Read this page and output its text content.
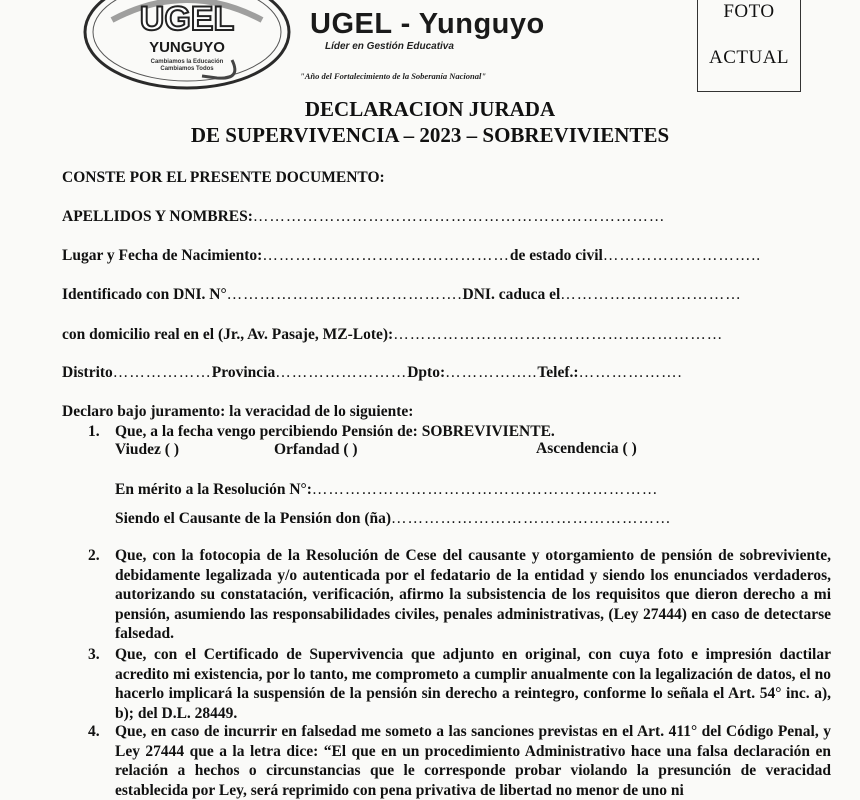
UGEL
YUNGUYO
Cambiamos la Educación
Cambiamos Todos
UGEL - Yunguyo
Líder en Gestión Educativa
"Año del Fortalecimiento de la Soberanía Nacional"
FOTO
ACTUAL
DECLARACION JURADA
DE SUPERVIVENCIA – 2023 – SOBREVIVIENTES
CONSTE POR EL PRESENTE DOCUMENTO:
APELLIDOS Y NOMBRES:…………………………………………………………………
Lugar y Fecha de Nacimiento:………………………………………de estado civil………………………..
Identificado con DNI. N°…………………………………….DNI. caduca el……………………………
con domicilio real en el (Jr., Av. Pasaje, MZ-Lote):……………………………………………………
Distrito………………Provincia……………………Dpto:……………..Telef.:……………….
Declaro bajo juramento: la veracidad de lo siguiente:
1. Que, a la fecha vengo percibiendo Pensión de: SOBREVIVIENTE.
Viudez ( )	Orfandad ( )	Ascendencia ( )
En mérito a la Resolución N°:………………………………………………………
Siendo el Causante de la Pensión don (ña)……………………………………………
2. Que, con la fotocopia de la Resolución de Cese del causante y otorgamiento de pensión de sobreviviente, debidamente legalizada y/o autenticada por el fedatario de la entidad y siendo los enunciados verdaderos, autorizando su constatación, verificación, afirmo la subsistencia de los requisitos que dieron derecho a mi pensión, asumiendo las responsabilidades civiles, penales administrativas, (Ley 27444) en caso de detectarse falsedad.
3. Que, con el Certificado de Supervivencia que adjunto en original, con cuya foto e impresión dactilar acredito mi existencia, por lo tanto, me comprometo a cumplir anualmente con la legalización de datos, el no hacerlo implicará la suspensión de la pensión sin derecho a reintegro, conforme lo señala el Art. 54° inc. a), b); del D.L. 28449.
4. Que, en caso de incurrir en falsedad me someto a las sanciones previstas en el Art. 411° del Código Penal, y Ley 27444 que a la letra dice: “El que en un procedimiento Administrativo hace una falsa declaración en relación a hechos o circunstancias que le corresponde probar violando la presunción de veracidad establecida por Ley, será reprimido con pena privativa de libertad no menor de uno ni
